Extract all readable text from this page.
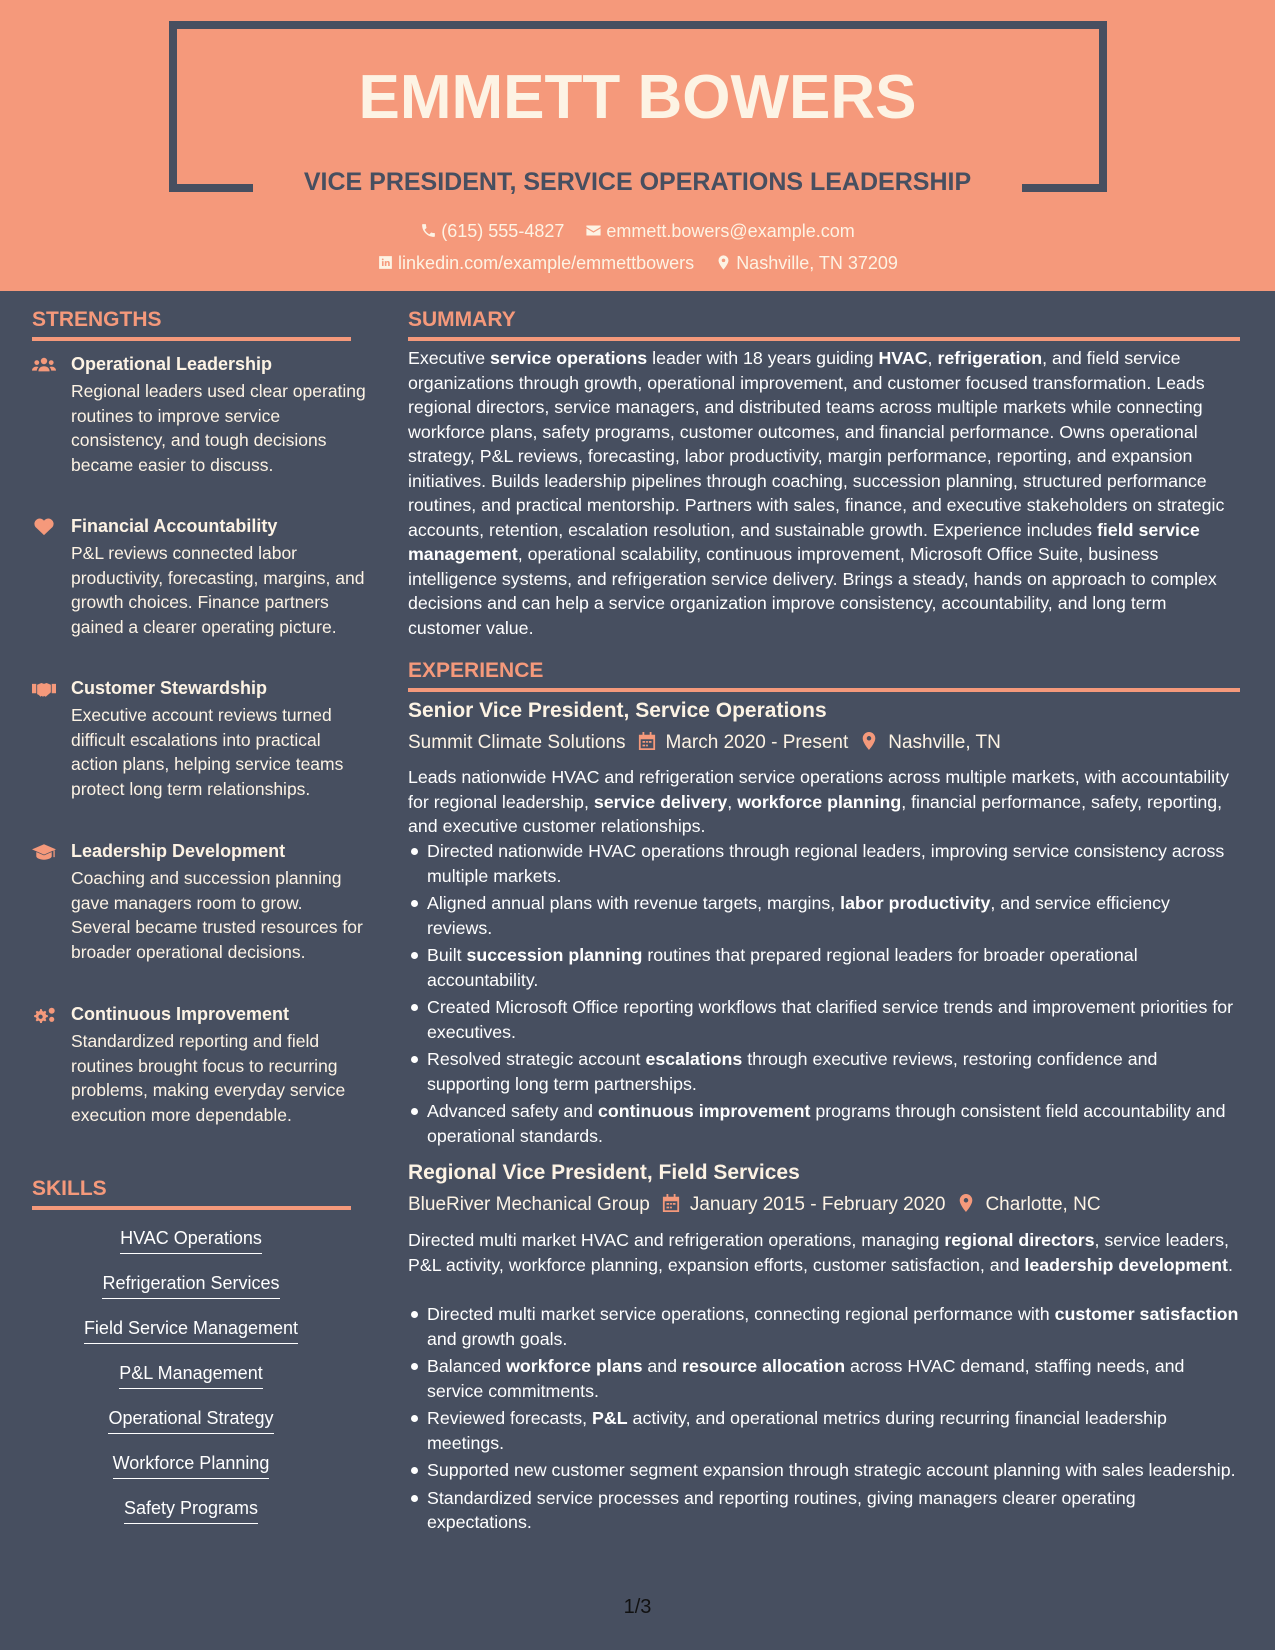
EMMETT BOWERS
VICE PRESIDENT, SERVICE OPERATIONS LEADERSHIP
(615) 555-4827 emmett.bowers@example.com
linkedin.com/example/emmettbowers Nashville, TN 37209
STRENGTHS
Operational Leadership
Regional leaders used clear operating routines to improve service consistency, and tough decisions became easier to discuss.
Financial Accountability
P&L reviews connected labor productivity, forecasting, margins, and growth choices. Finance partners gained a clearer operating picture.
Customer Stewardship
Executive account reviews turned difficult escalations into practical action plans, helping service teams protect long term relationships.
Leadership Development
Coaching and succession planning gave managers room to grow. Several became trusted resources for broader operational decisions.
Continuous Improvement
Standardized reporting and field routines brought focus to recurring problems, making everyday service execution more dependable.
SKILLS
HVAC Operations
Refrigeration Services
Field Service Management
P&L Management
Operational Strategy
Workforce Planning
Safety Programs
SUMMARY
Executive service operations leader with 18 years guiding HVAC, refrigeration, and field service organizations through growth, operational improvement, and customer focused transformation. Leads regional directors, service managers, and distributed teams across multiple markets while connecting workforce plans, safety programs, customer outcomes, and financial performance. Owns operational strategy, P&L reviews, forecasting, labor productivity, margin performance, reporting, and expansion initiatives. Builds leadership pipelines through coaching, succession planning, structured performance routines, and practical mentorship. Partners with sales, finance, and executive stakeholders on strategic accounts, retention, escalation resolution, and sustainable growth. Experience includes field service management, operational scalability, continuous improvement, Microsoft Office Suite, business intelligence systems, and refrigeration service delivery. Brings a steady, hands on approach to complex decisions and can help a service organization improve consistency, accountability, and long term customer value.
EXPERIENCE
Senior Vice President, Service Operations
Summit Climate Solutions March 2020 - Present Nashville, TN
Leads nationwide HVAC and refrigeration service operations across multiple markets, with accountability for regional leadership, service delivery, workforce planning, financial performance, safety, reporting, and executive customer relationships.
Directed nationwide HVAC operations through regional leaders, improving service consistency across multiple markets.
Aligned annual plans with revenue targets, margins, labor productivity, and service efficiency reviews.
Built succession planning routines that prepared regional leaders for broader operational accountability.
Created Microsoft Office reporting workflows that clarified service trends and improvement priorities for executives.
Resolved strategic account escalations through executive reviews, restoring confidence and supporting long term partnerships.
Advanced safety and continuous improvement programs through consistent field accountability and operational standards.
Regional Vice President, Field Services
BlueRiver Mechanical Group January 2015 - February 2020 Charlotte, NC
Directed multi market HVAC and refrigeration operations, managing regional directors, service leaders, P&L activity, workforce planning, expansion efforts, customer satisfaction, and leadership development.
Directed multi market service operations, connecting regional performance with customer satisfaction and growth goals.
Balanced workforce plans and resource allocation across HVAC demand, staffing needs, and service commitments.
Reviewed forecasts, P&L activity, and operational metrics during recurring financial leadership meetings.
Supported new customer segment expansion through strategic account planning with sales leadership.
Standardized service processes and reporting routines, giving managers clearer operating expectations.
1/3
